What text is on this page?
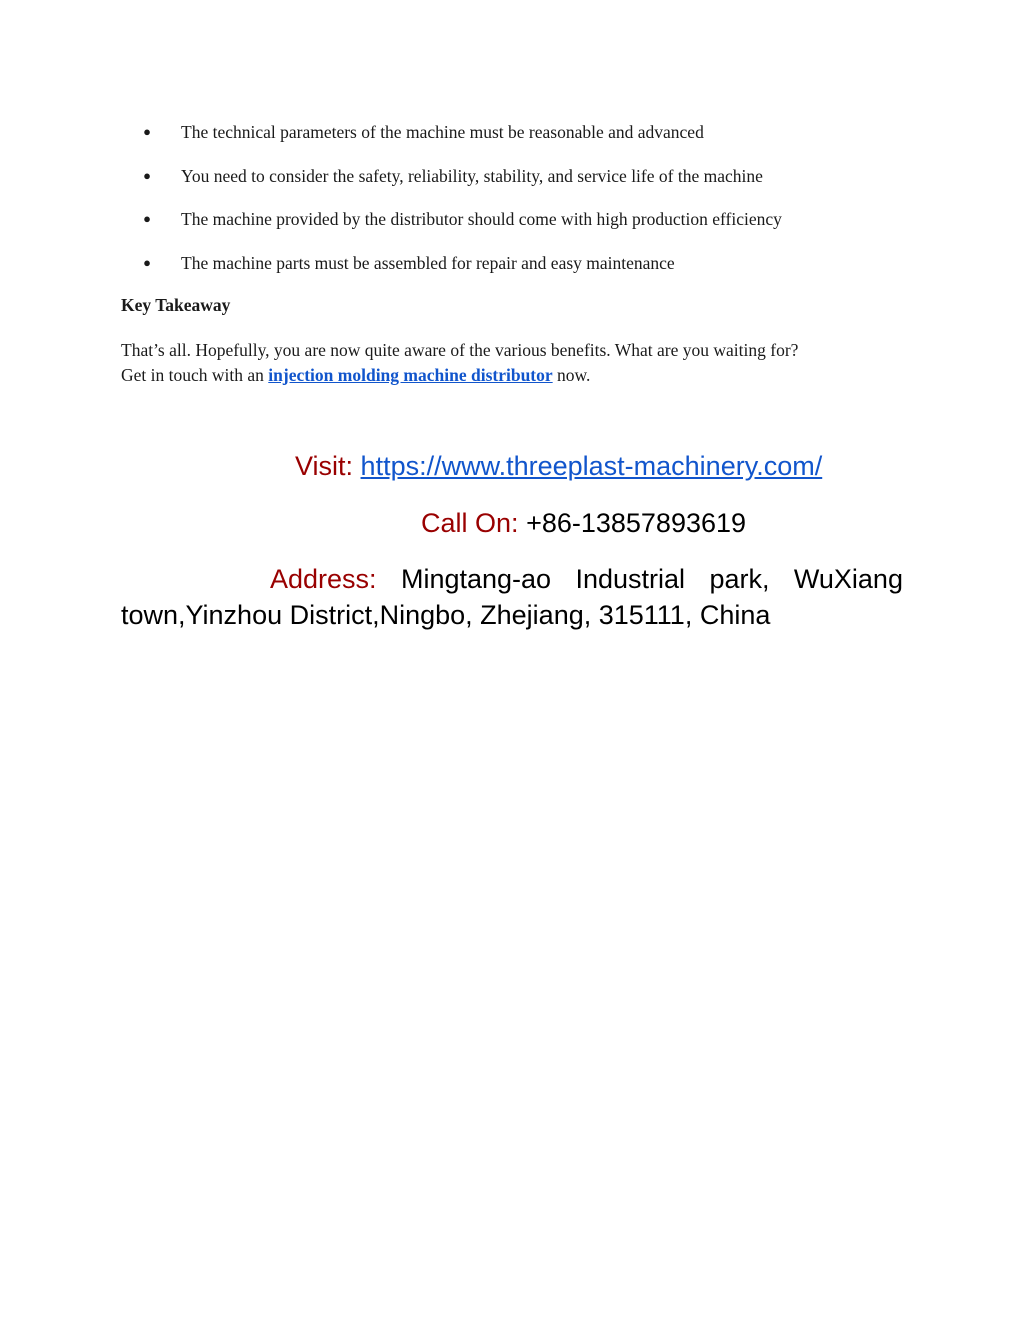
● The technical parameters of the machine must be reasonable and advanced
● You need to consider the safety, reliability, stability, and service life of the machine
● The machine provided by the distributor should come with high production efficiency
● The machine parts must be assembled for repair and easy maintenance
Key Takeaway
That’s all. Hopefully, you are now quite aware of the various benefits. What are you waiting for?
Get in touch with an injection molding machine distributor now.
Visit: https://www.threeplast-machinery.com/
Call On: +86-13857893619
Address: Mingtang-ao Industrial park, WuXiang
town,Yinzhou District,Ningbo, Zhejiang, 315111, China
